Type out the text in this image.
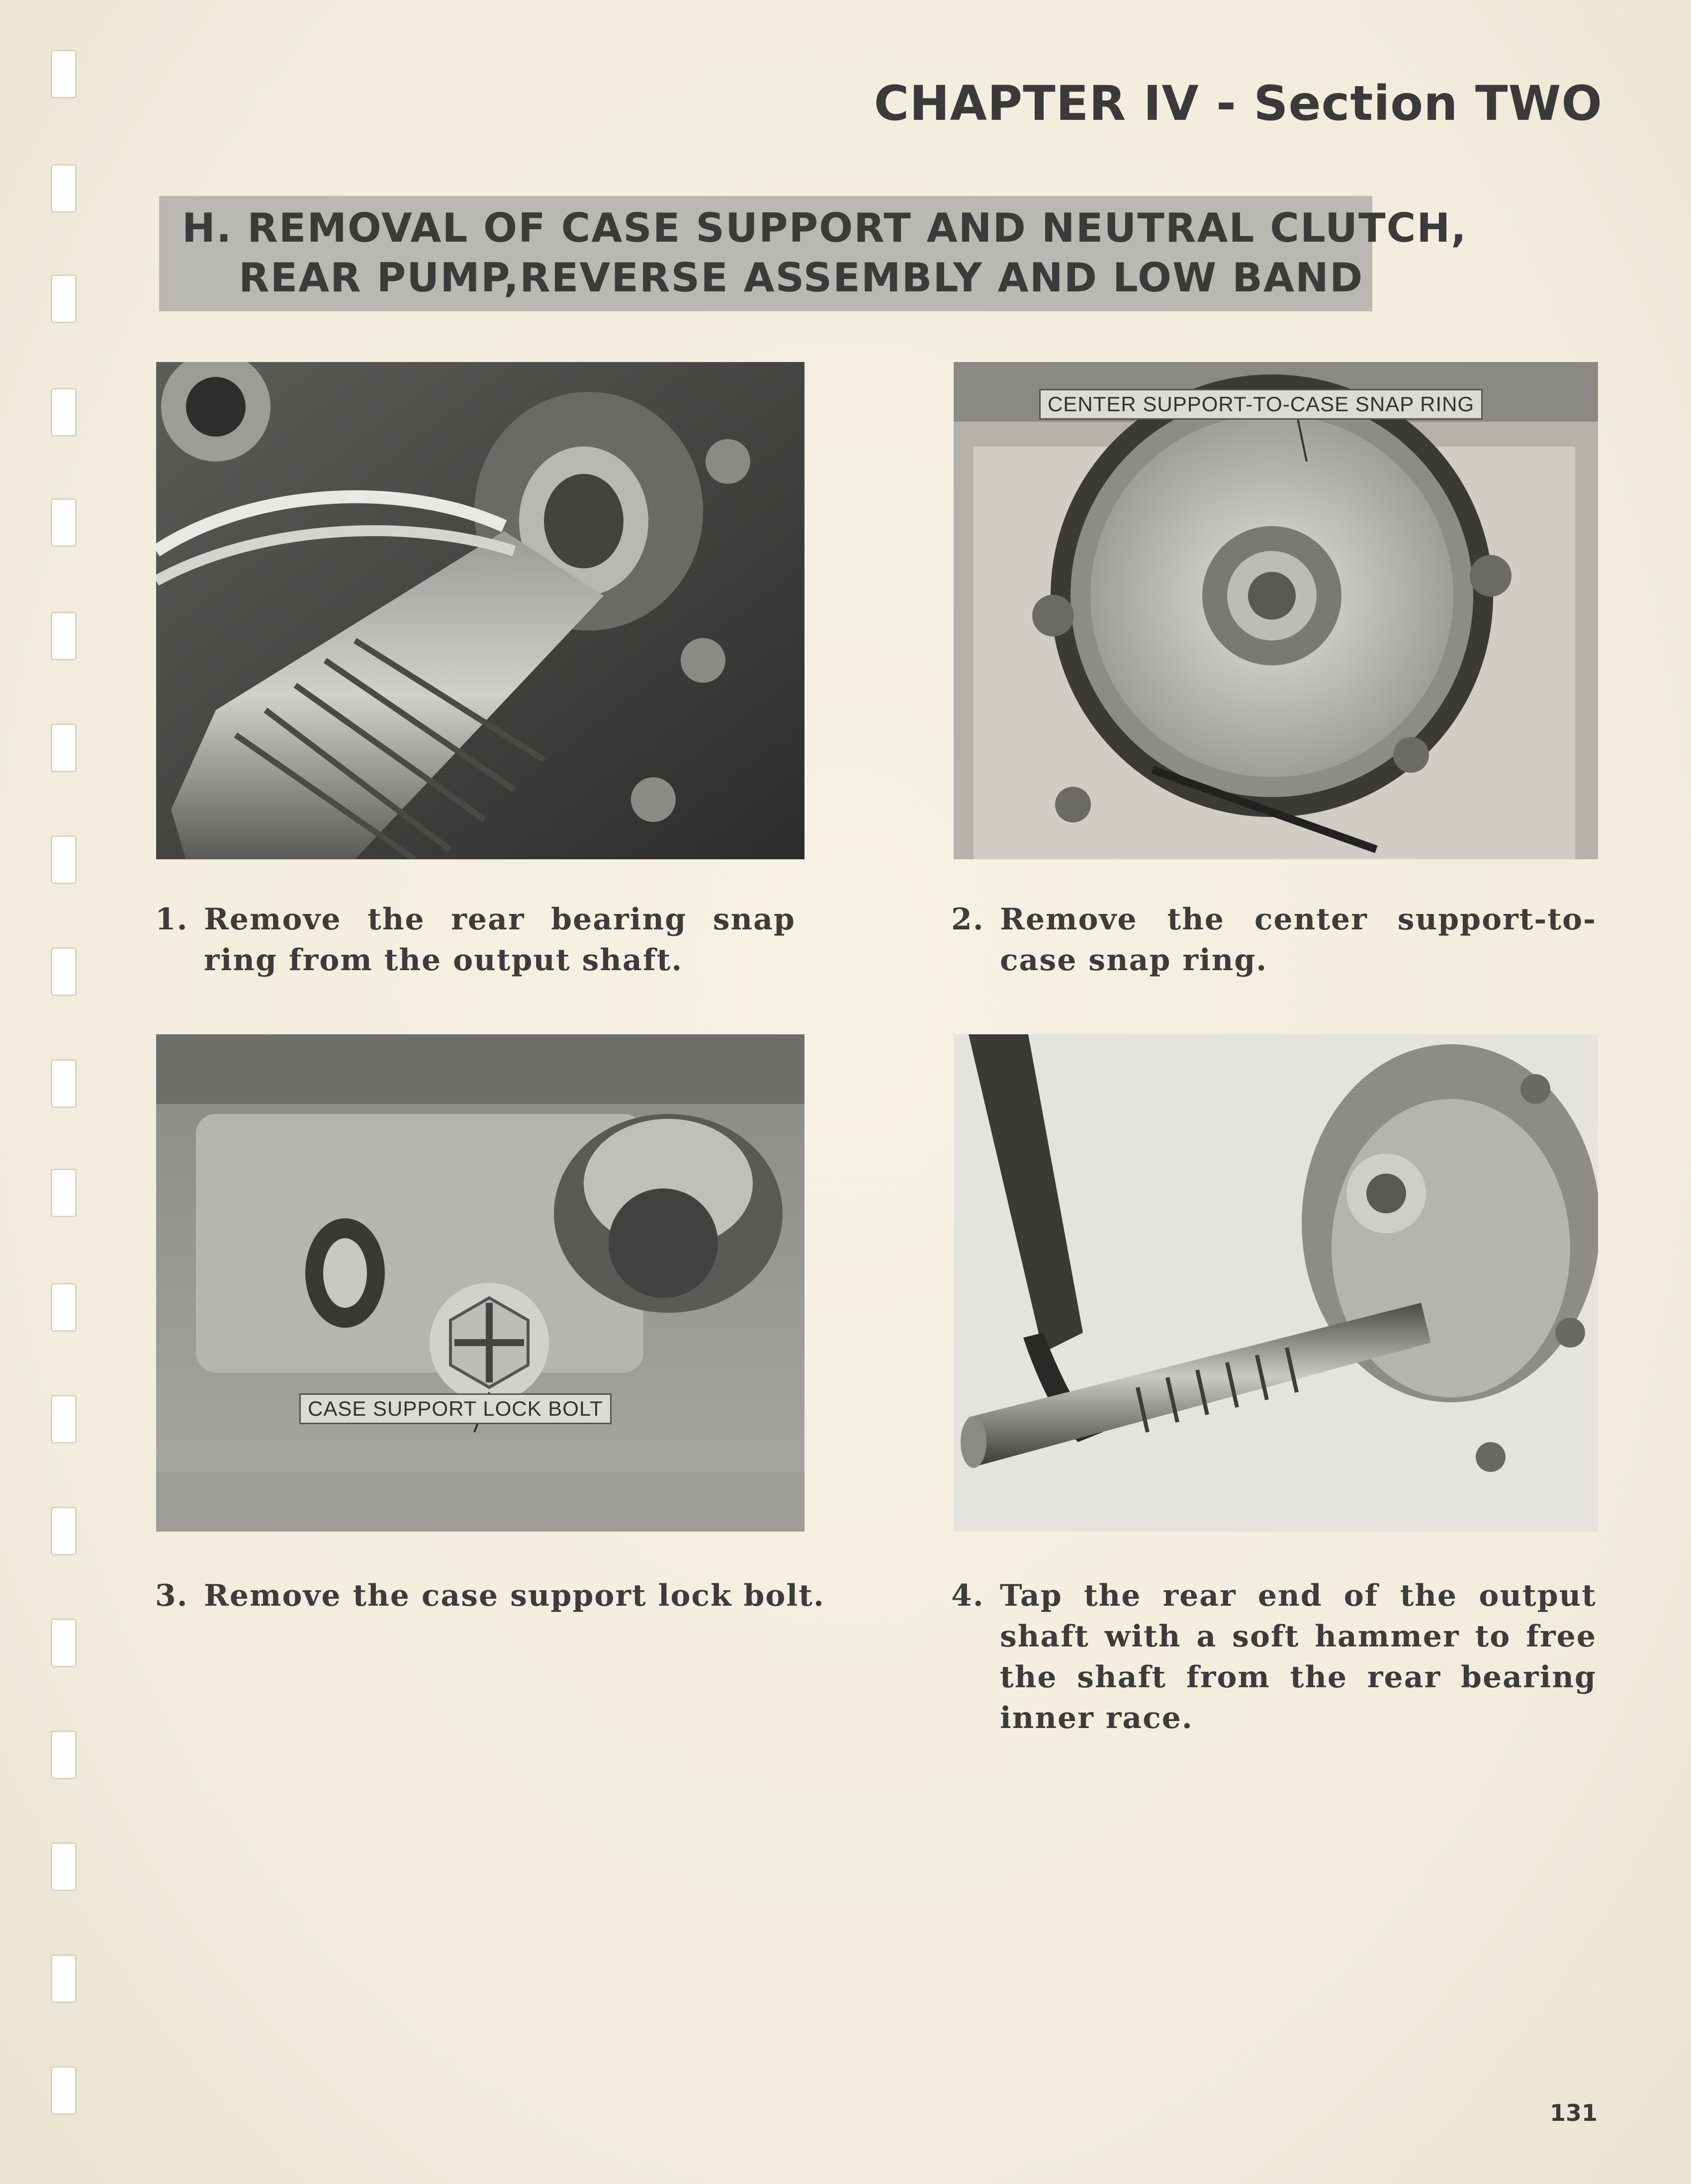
CHAPTER IV - Section TWO
H. REMOVAL OF CASE SUPPORT AND NEUTRAL CLUTCH,
REAR PUMP,REVERSE ASSEMBLY AND LOW BAND
CENTER SUPPORT-TO-CASE SNAP RING
CASE SUPPORT LOCK BOLT
1. Remove the rear bearing snap ring from the output shaft.
2. Remove the center support-to-case snap ring.
3. Remove the case support lock bolt.	4. Tap the rear end of the output shaft with a soft hammer to free the shaft from the rear bearing inner race.
131
